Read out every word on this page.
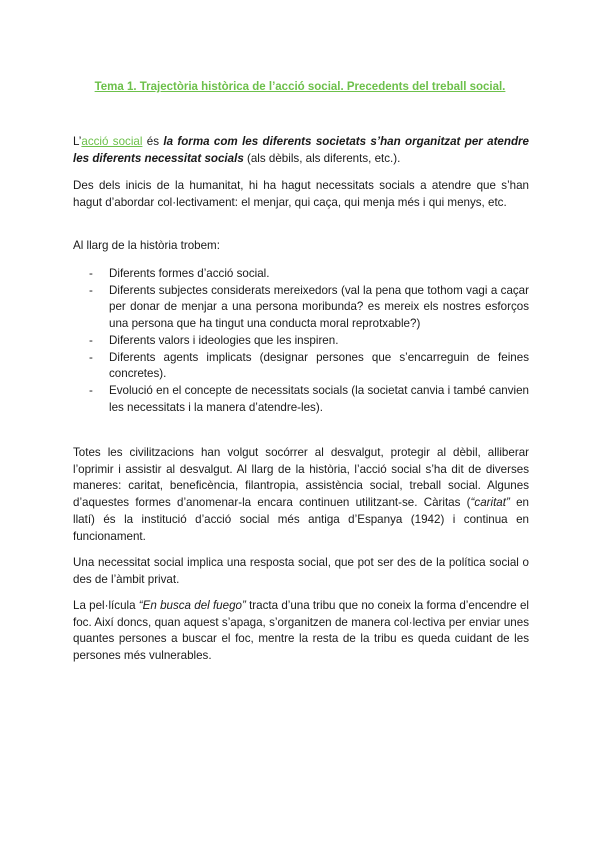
Tema 1. Trajectòria històrica de l’acció social. Precedents del treball social.

L’acció social és la forma com les diferents societats s’han organitzat per atendre les diferents necessitat socials (als dèbils, als diferents, etc.).

Des dels inicis de la humanitat, hi ha hagut necessitats socials a atendre que s’han hagut d’abordar col·lectivament: el menjar, qui caça, qui menja més i qui menys, etc.

Al llarg de la història trobem:

- Diferents formes d’acció social.
- Diferents subjectes considerats mereixedors (val la pena que tothom vagi a caçar per donar de menjar a una persona moribunda? es mereix els nostres esforços una persona que ha tingut una conducta moral reprotxable?)
- Diferents valors i ideologies que les inspiren.
- Diferents agents implicats (designar persones que s’encarreguin de feines concretes).
- Evolució en el concepte de necessitats socials (la societat canvia i també canvien les necessitats i la manera d’atendre-les).

Totes les civilitzacions han volgut socórrer al desvalgut, protegir al dèbil, alliberar l’oprimir i assistir al desvalgut. Al llarg de la història, l’acció social s’ha dit de diverses maneres: caritat, beneficència, filantropia, assistència social, treball social. Algunes d’aquestes formes d’anomenar-la encara continuen utilitzant-se. Càritas (“caritat” en llatí) és la institució d’acció social més antiga d’Espanya (1942) i continua en funcionament.

Una necessitat social implica una resposta social, que pot ser des de la política social o des de l’àmbit privat.

La pel·lícula “En busca del fuego” tracta d’una tribu que no coneix la forma d’encendre el foc. Així doncs, quan aquest s’apaga, s’organitzen de manera col·lectiva per enviar unes quantes persones a buscar el foc, mentre la resta de la tribu es queda cuidant de les persones més vulnerables.
